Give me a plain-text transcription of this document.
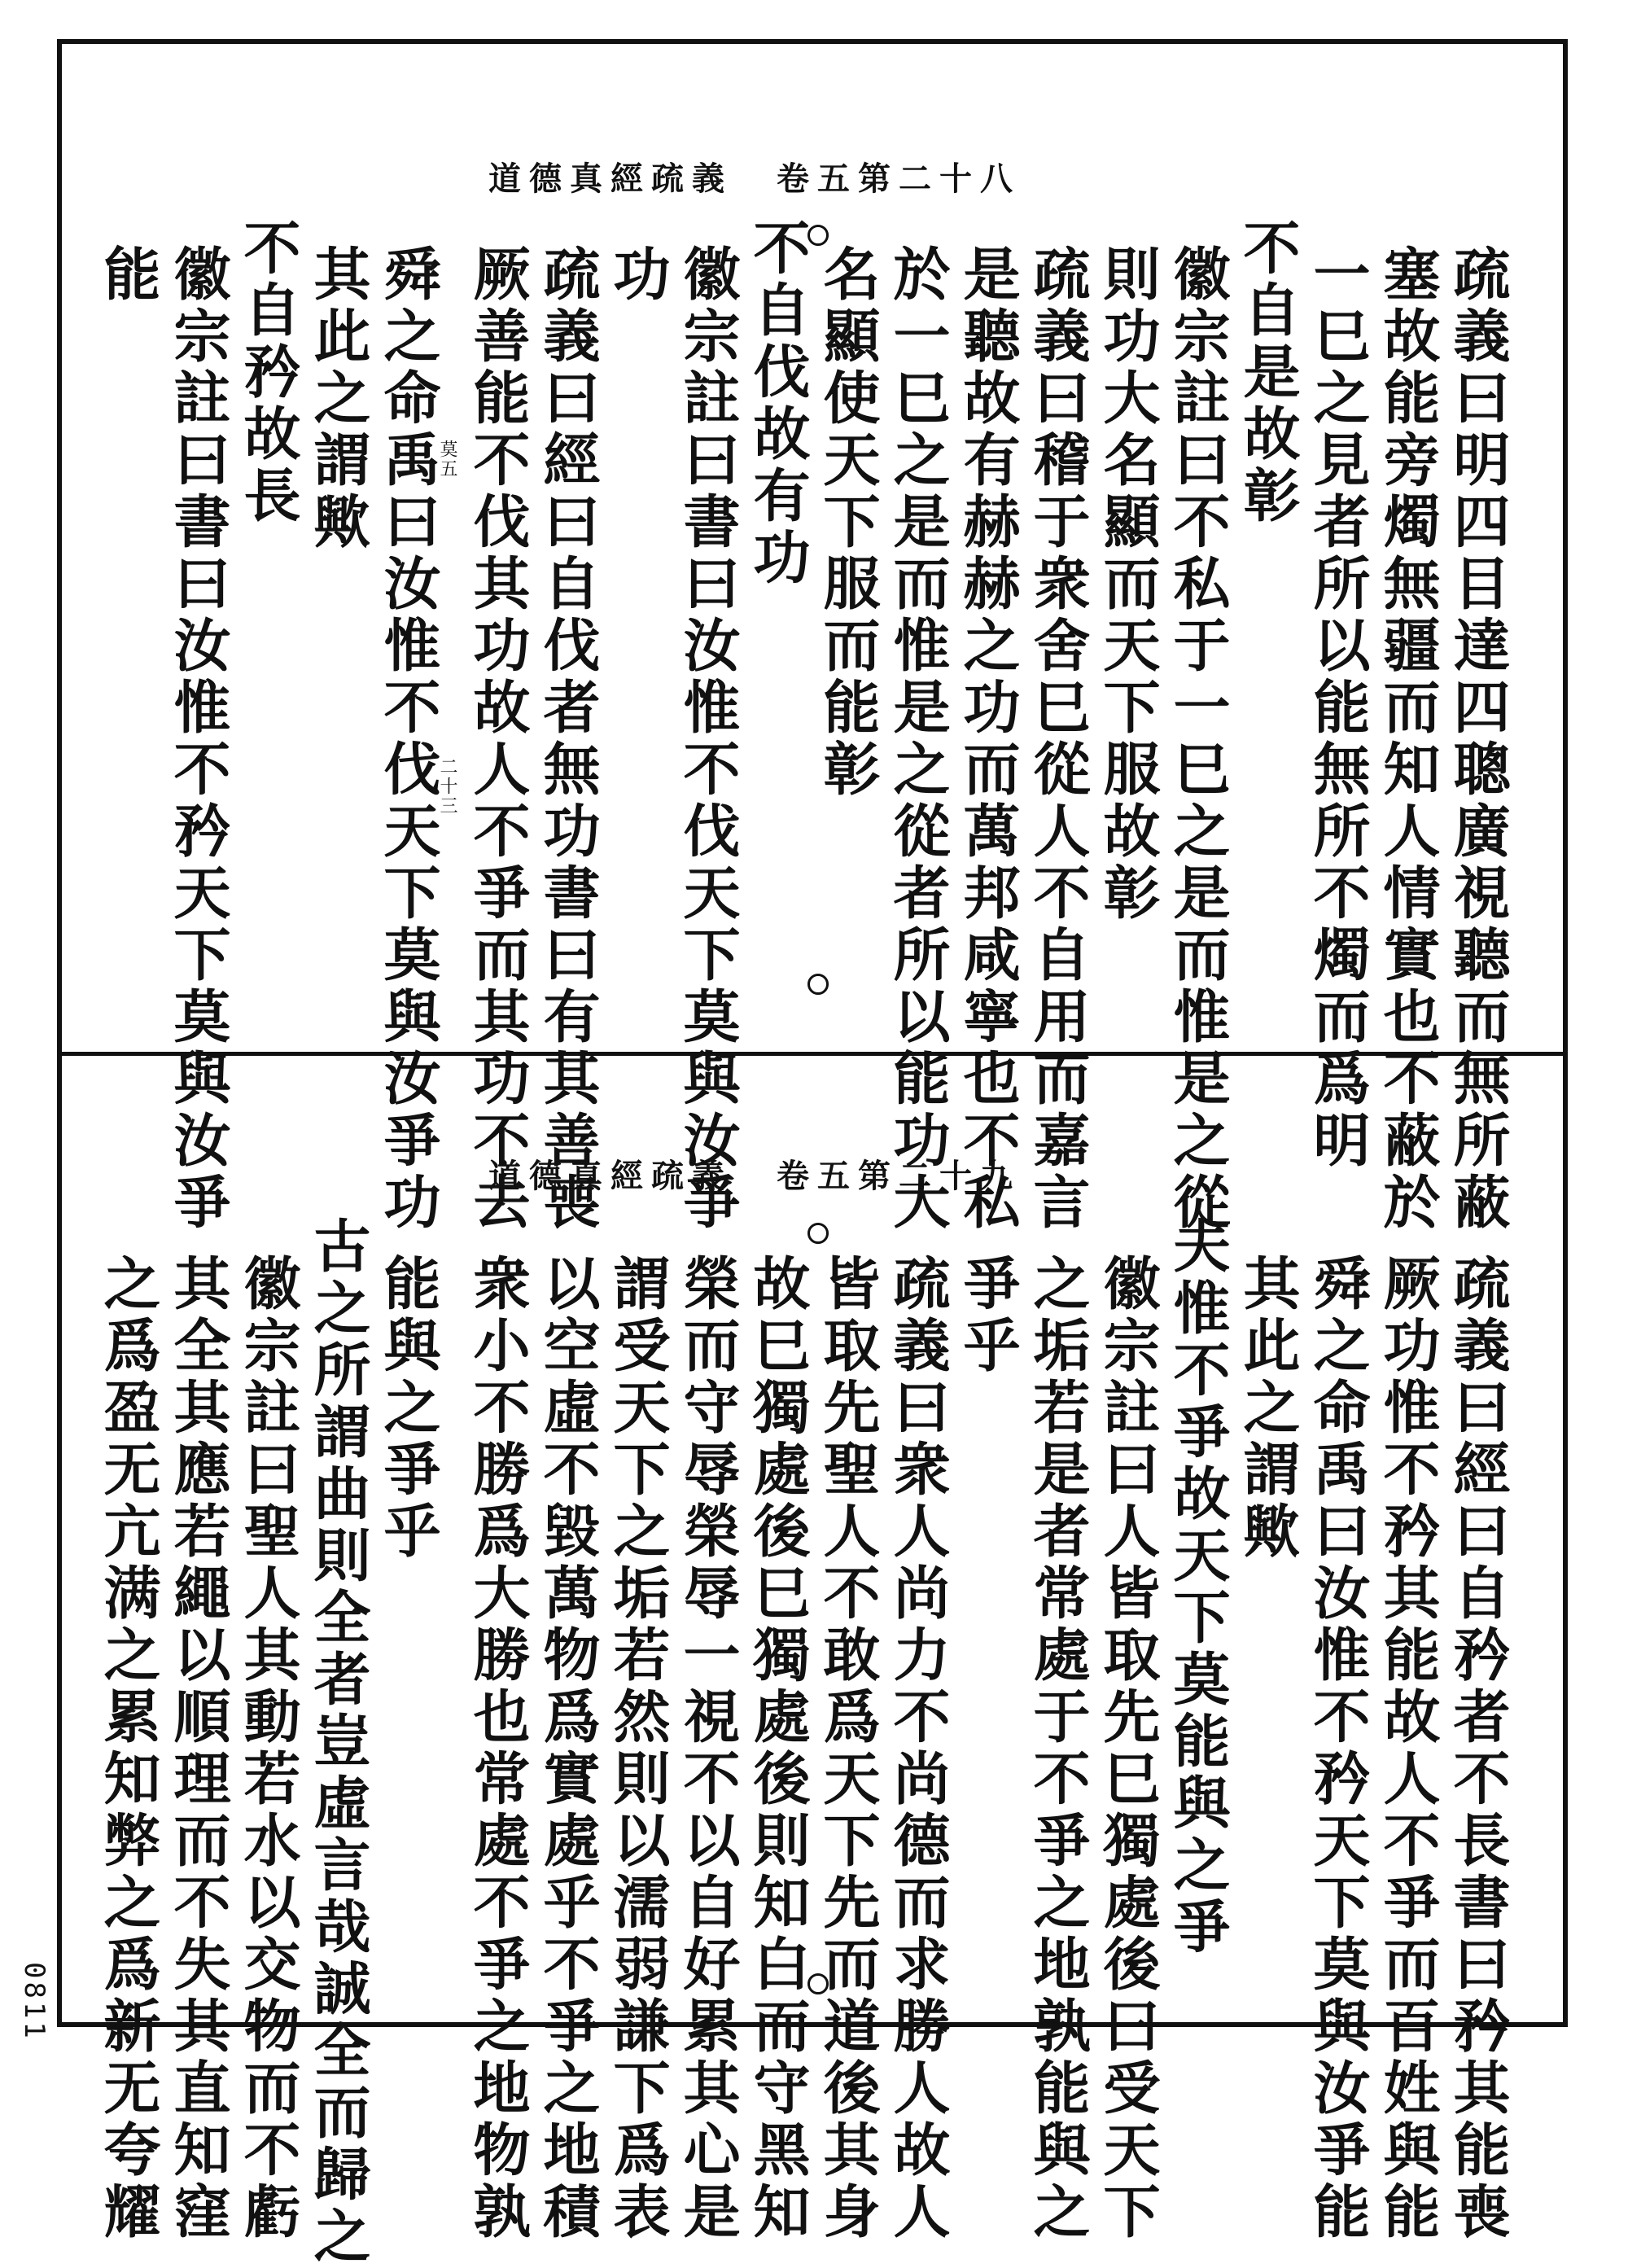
道德真經疏義 卷五第二十八
疏義曰明四目達四聰廣視聽而無所蔽
塞故能旁燭無疆而知人情實也不蔽於
一巳之見者所以能無所不燭而爲明
不自是故彰
徽宗註曰不私于一巳之是而惟是之從
則功大名顯而天下服故彰
疏義曰稽于衆舍巳從人不自用而嘉言
是聽故有赫赫之功而萬邦咸寧也不私
於一巳之是而惟是之從者所以能功大
名顯使天下服而能彰
不自伐故有功
徽宗註曰書曰汝惟不伐天下莫與汝爭
功
疏義曰經曰自伐者無功書曰有其善喪
厥善能不伐其功故人不爭而其功不去
舜之命禹曰汝惟不伐天下莫與汝爭功
其此之謂歟
不自矜故長
徽宗註曰書曰汝惟不矜天下莫與汝爭
能
莫五
二十三
道德真經疏義 卷五第二十九
疏義曰經曰自矜者不長書曰矜其能喪
厥功惟不矜其能故人不爭而百姓與能
舜之命禹曰汝惟不矜天下莫與汝爭能
其此之謂歟
夫惟不爭故天下莫能與之爭
徽宗註曰人皆取先巳獨處後曰受天下
之垢若是者常處于不爭之地孰能與之
爭乎
疏義曰衆人尚力不尚德而求勝人故人
皆取先聖人不敢爲天下先而道後其身
故巳獨處後巳獨處後則知白而守黑知
榮而守辱榮辱一視不以自好累其心是
謂受天下之垢若然則以濡弱謙下爲表
以空虛不毀萬物爲實處乎不爭之地積
衆小不勝爲大勝也常處不爭之地物孰
能與之爭乎
古之所謂曲則全者豈虛言哉誠全而歸之
徽宗註曰聖人其動若水以交物而不虧
其全其應若繩以順理而不失其直知窪
之爲盈无亢满之累知弊之爲新无夸耀
0811
